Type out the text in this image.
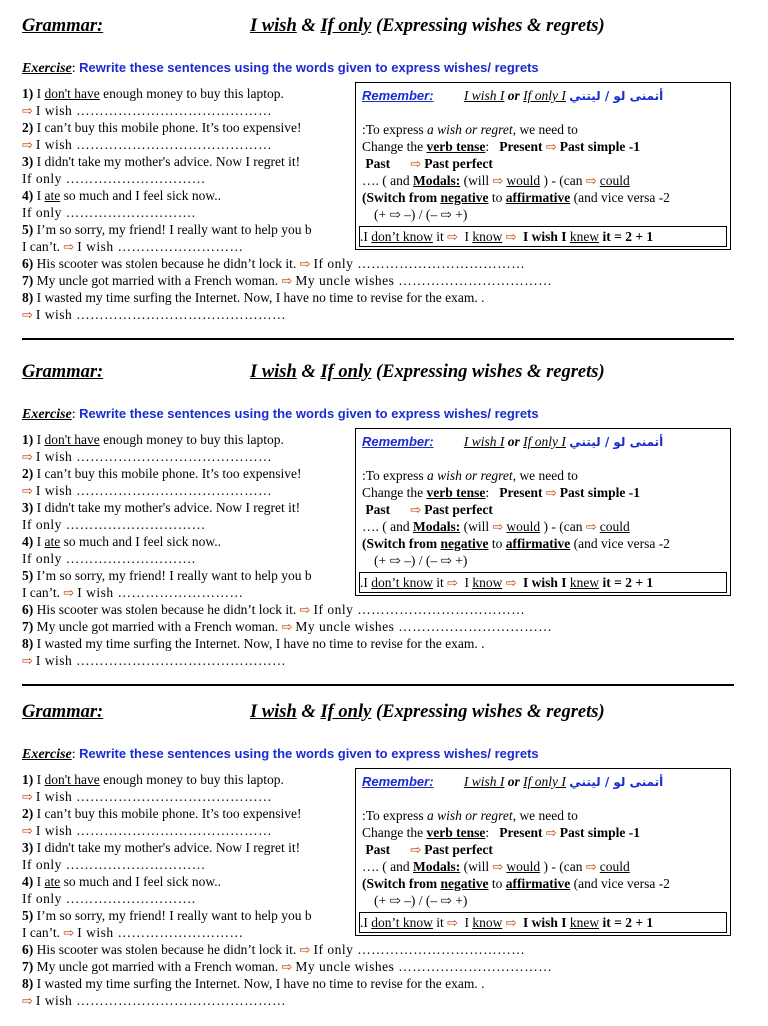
Grammar:	I wish & If only (Expressing wishes & regrets)
Exercise: Rewrite these sentences using the words given to express wishes/ regrets
1) I don't have enough money to buy this laptop.
⇨ I wish ……………………………………
2) I can’t buy this mobile phone. It’s too expensive!
⇨ I wish ……………………………………
3) I didn't take my mother's advice. Now I regret it!
If only …………………………
4) I ate so much and I feel sick now..
If only ……………………….
5) I’m so sorry, my friend! I really want to help you b
I can’t. ⇨ I wish ………………………
6) His scooter was stolen because he didn’t lock it. ⇨ If only ………………………………
7) My uncle got married with a French woman. ⇨ My uncle wishes ……………………………
8) I wasted my time surfing the Internet. Now, I have no time to revise for the exam. .
⇨ I wish ………………………………………
Remember: I wish I or If only I أتمنى لو / ليتني
:To express a wish or regret, we need to
Change the verb tense: Present ⇨ Past simple -1
Past ⇨ Past perfect
…. ( and Modals: (will ⇨ would ) - (can ⇨ could
(Switch from negative to affirmative (and vice versa -2
(+ ⇨ –) / (– ⇨ +)
.I don’t know it ⇨ I know ⇨ I wish I knew it = 2 + 1
Grammar:	I wish & If only (Expressing wishes & regrets)
Exercise: Rewrite these sentences using the words given to express wishes/ regrets
1) I don't have enough money to buy this laptop.
⇨ I wish ……………………………………
2) I can’t buy this mobile phone. It’s too expensive!
⇨ I wish ……………………………………
3) I didn't take my mother's advice. Now I regret it!
If only …………………………
4) I ate so much and I feel sick now..
If only ……………………….
5) I’m so sorry, my friend! I really want to help you b
I can’t. ⇨ I wish ………………………
6) His scooter was stolen because he didn’t lock it. ⇨ If only ………………………………
7) My uncle got married with a French woman. ⇨ My uncle wishes ……………………………
8) I wasted my time surfing the Internet. Now, I have no time to revise for the exam. .
⇨ I wish ………………………………………
Remember: I wish I or If only I أتمنى لو / ليتني
:To express a wish or regret, we need to
Change the verb tense: Present ⇨ Past simple -1
Past ⇨ Past perfect
…. ( and Modals: (will ⇨ would ) - (can ⇨ could
(Switch from negative to affirmative (and vice versa -2
(+ ⇨ –) / (– ⇨ +)
.I don’t know it ⇨ I know ⇨ I wish I knew it = 2 + 1
Grammar:	I wish & If only (Expressing wishes & regrets)
Exercise: Rewrite these sentences using the words given to express wishes/ regrets
1) I don't have enough money to buy this laptop.
⇨ I wish ……………………………………
2) I can’t buy this mobile phone. It’s too expensive!
⇨ I wish ……………………………………
3) I didn't take my mother's advice. Now I regret it!
If only …………………………
4) I ate so much and I feel sick now..
If only ……………………….
5) I’m so sorry, my friend! I really want to help you b
I can’t. ⇨ I wish ………………………
6) His scooter was stolen because he didn’t lock it. ⇨ If only ………………………………
7) My uncle got married with a French woman. ⇨ My uncle wishes ……………………………
8) I wasted my time surfing the Internet. Now, I have no time to revise for the exam. .
⇨ I wish ………………………………………
Remember: I wish I or If only I أتمنى لو / ليتني
:To express a wish or regret, we need to
Change the verb tense: Present ⇨ Past simple -1
Past ⇨ Past perfect
…. ( and Modals: (will ⇨ would ) - (can ⇨ could
(Switch from negative to affirmative (and vice versa -2
(+ ⇨ –) / (– ⇨ +)
.I don’t know it ⇨ I know ⇨ I wish I knew it = 2 + 1
